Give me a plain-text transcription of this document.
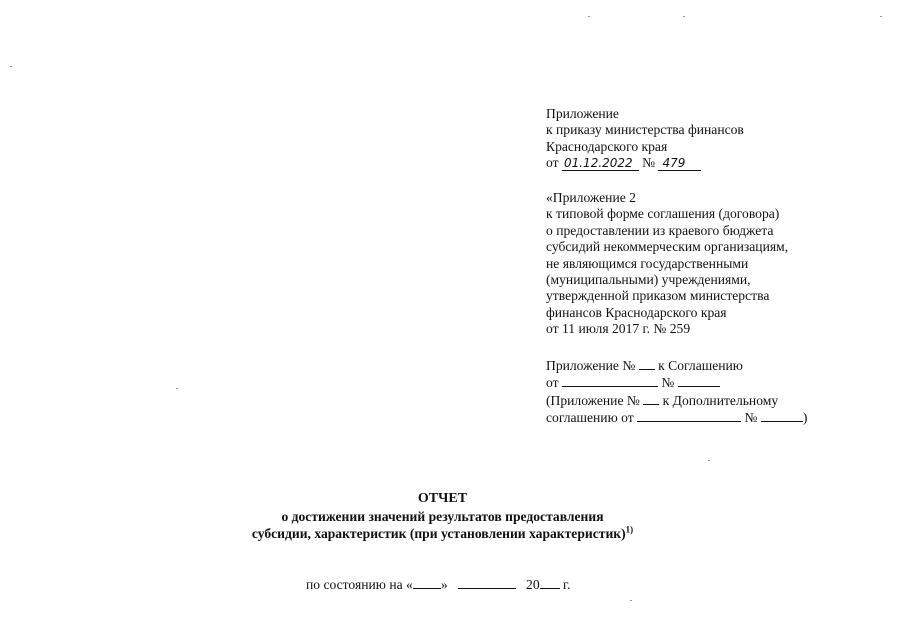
Приложение
к приказу министерства финансов
Краснодарского края
от 01.12.2022 № 479
«Приложение 2
к типовой форме соглашения (договора)
о предоставлении из краевого бюджета
субсидий некоммерческим организациям,
не являющимся государственными
(муниципальными) учреждениями,
утвержденной приказом министерства
финансов Краснодарского края
от 11 июля 2017 г. № 259
Приложение № к Соглашению
от	№
(Приложение № к Дополнительному
соглашению от	№	)
ОТЧЕТ
о достижении значений результатов предоставления
субсидии, характеристик (при установлении характеристик)$^{1)}$
по состоянию на « »	20 г.
